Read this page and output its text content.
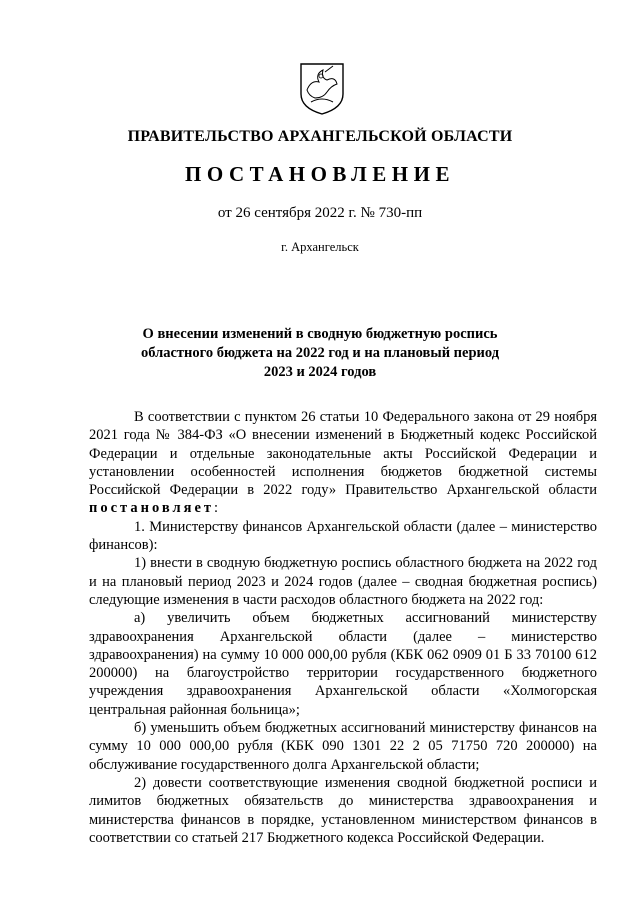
ПРАВИТЕЛЬСТВО АРХАНГЕЛЬСКОЙ ОБЛАСТИ
ПОСТАНОВЛЕНИЕ
от 26 сентября 2022 г. № 730-пп
г. Архангельск
О внесении изменений в сводную бюджетную роспись
областного бюджета на 2022 год и на плановый период
2023 и 2024 годов

В соответствии с пунктом 26 статьи 10 Федерального закона от 29 ноября 2021 года № 384-ФЗ «О внесении изменений в Бюджетный кодекс Российской Федерации и отдельные законодательные акты Российской Федерации и установлении особенностей исполнения бюджетов бюджетной системы Российской Федерации в 2022 году» Правительство Архангельской области постановляет:

1. Министерству финансов Архангельской области (далее – министерство финансов):

1) внести в сводную бюджетную роспись областного бюджета на 2022 год и на плановый период 2023 и 2024 годов (далее – сводная бюджетная роспись) следующие изменения в части расходов областного бюджета на 2022 год:

а) увеличить объем бюджетных ассигнований министерству здравоохранения Архангельской области (далее – министерство здравоохранения) на сумму 10 000 000,00 рубля (КБК 062 0909 01 Б 33 70100 612 200000) на благоустройство территории государственного бюджетного учреждения здравоохранения Архангельской области «Холмогорская центральная районная больница»;

б) уменьшить объем бюджетных ассигнований министерству финансов на сумму 10 000 000,00 рубля (КБК 090 1301 22 2 05 71750 720 200000) на обслуживание государственного долга Архангельской области;

2) довести соответствующие изменения сводной бюджетной росписи и лимитов бюджетных обязательств до министерства здравоохранения и министерства финансов в порядке, установленном министерством финансов в соответствии со статьей 217 Бюджетного кодекса Российской Федерации.
